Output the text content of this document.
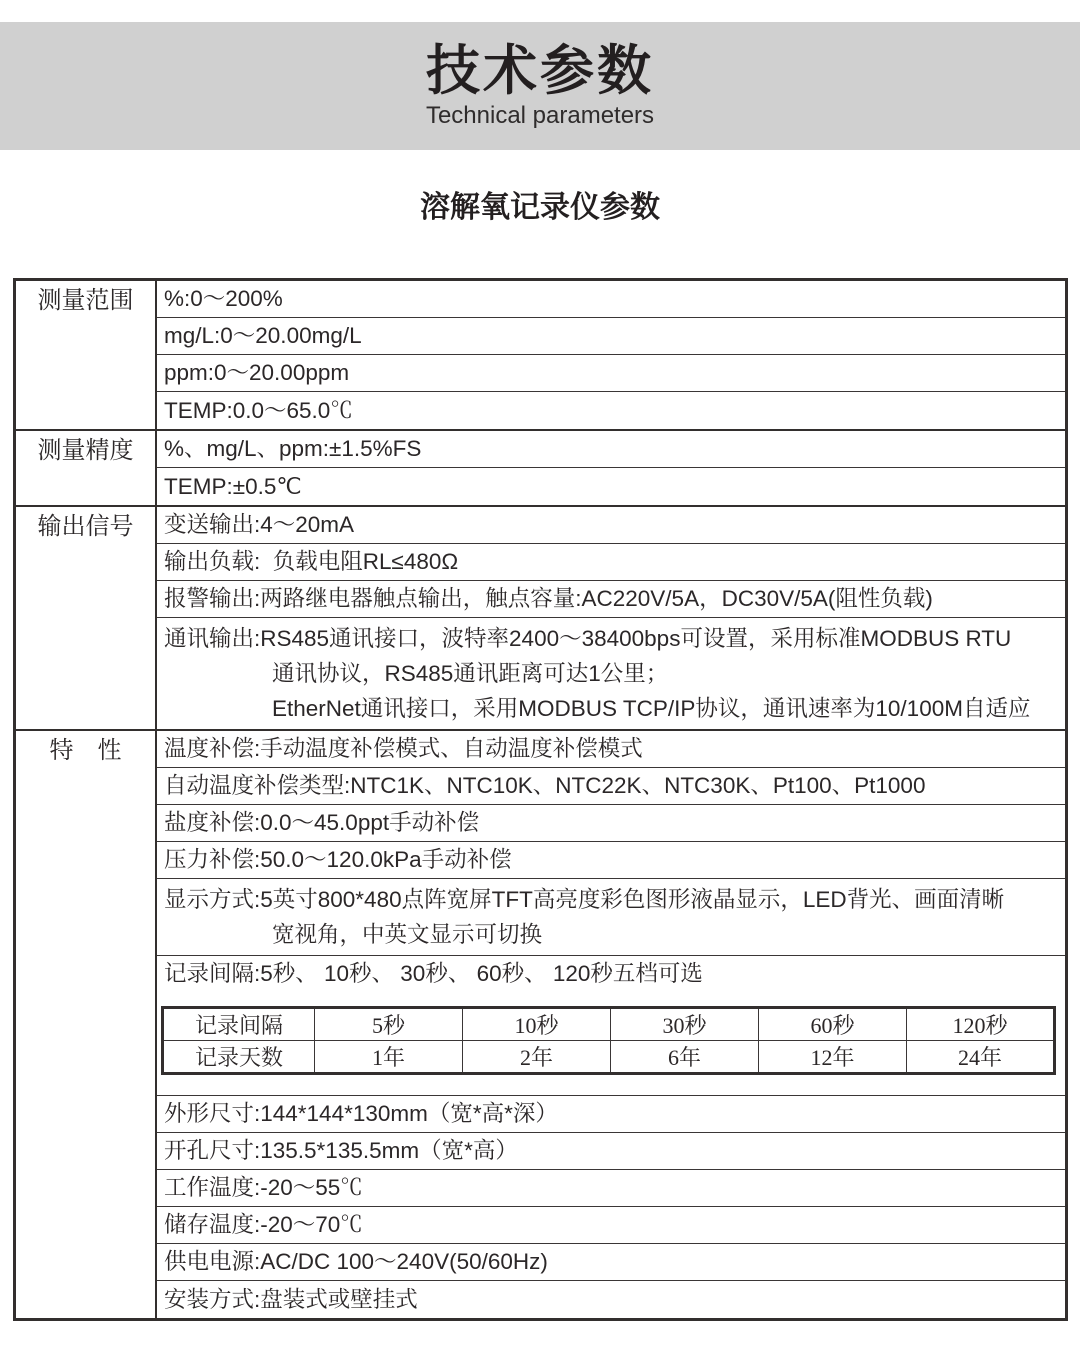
技术参数
Technical parameters
溶解氧记录仪参数
测量范围	%:0～200%
mg/L:0～20.00mg/L
ppm:0～20.00ppm
TEMP:0.0～65.0℃
测量精度	%、mg/L、ppm:±1.5%FS
TEMP:±0.5℃
输出信号	变送输出:4～20mA
输出负载:  负载电阻RL≤480Ω
报警输出:两路继电器触点输出，触点容量:AC220V/5A，DC30V/5A(阻性负载)
通讯输出:RS485通讯接口，波特率2400～38400bps可设置，采用标准MODBUS RTU
通讯协议，RS485通讯距离可达1公里；
EtherNet通讯接口，采用MODBUS TCP/IP协议，通讯速率为10/100M自适应
特　性	温度补偿:手动温度补偿模式、自动温度补偿模式
自动温度补偿类型:NTC1K、NTC10K、NTC22K、NTC30K、Pt100、Pt1000
盐度补偿:0.0～45.0ppt手动补偿
压力补偿:50.0～120.0kPa手动补偿
显示方式:5英寸800*480点阵宽屏TFT高亮度彩色图形液晶显示，LED背光、画面清晰
宽视角，中英文显示可切换
记录间隔:5秒、 10秒、 30秒、 60秒、 120秒五档可选
记录间隔	5秒	10秒	30秒	60秒	120秒
记录天数	1年	2年	6年	12年	24年
外形尺寸:144*144*130mm（宽*高*深）
开孔尺寸:135.5*135.5mm（宽*高）
工作温度:-20～55℃
储存温度:-20～70℃
供电电源:AC/DC 100～240V(50/60Hz)
安装方式:盘装式或壁挂式
